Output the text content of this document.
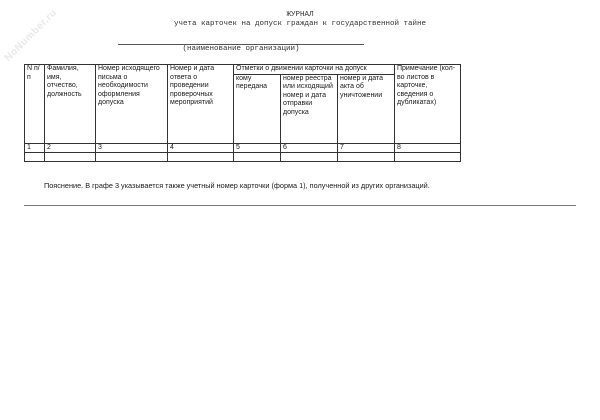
NoNumber.ru	ЖУРНАЛ
учета карточек на допуск граждан к государственной тайне
(наименование организации)
N п/п	Фамилия, имя, отчество, должность	Номер исходящего письма о необходимости оформления допуска	Номер и дата ответа о проведении проверочных мероприятий	Отметки о движении карточки на допуск			Примечание (кол-во листов в карточке, сведения о дубликатах)
				кому передана	номер реестра или исходящий номер и дата отправки допуска	номер и дата акта об уничтожении	
1	2	3	4	5	6	7	8

Пояснение. В графе 3 указывается также учетный номер карточки (форма 1), полученной из других организаций.
